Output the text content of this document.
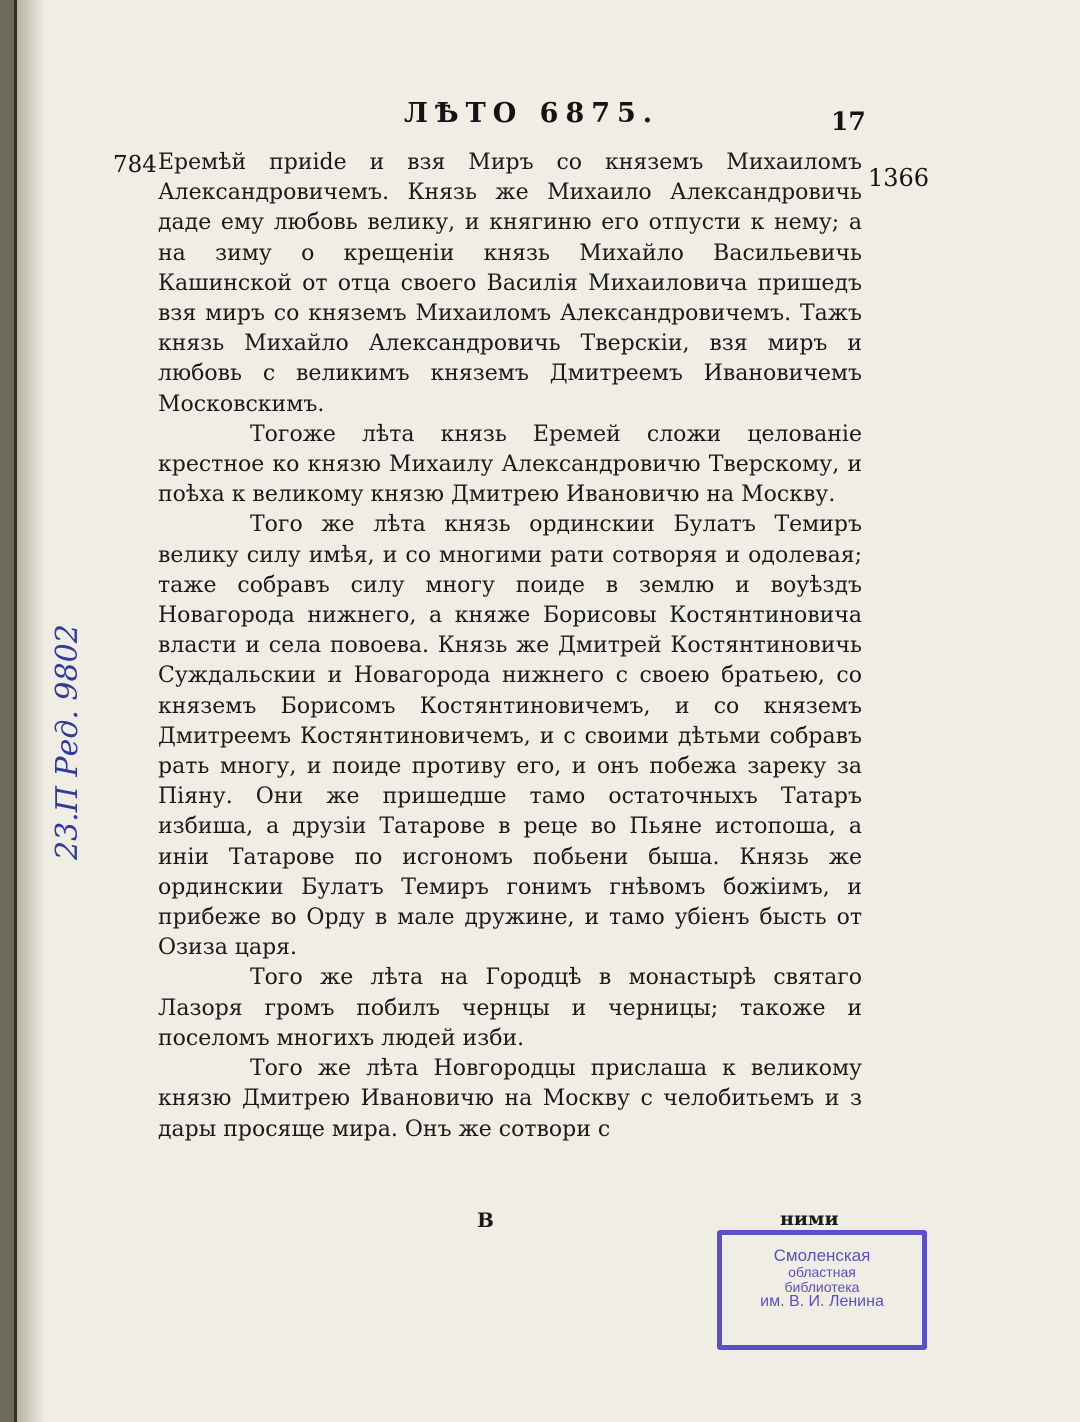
ЛѢТО 6875.	17
784	1366
23.П Ред. 9802

Еремѣй приide и взя Миръ со княземъ Михаиломъ Александровичемъ. Князь же Михаило Александровичь даде ему любовь велику, и княгиню его отпусти к нему; а на зиму о крещеніи князь Михайло Васильевичь Кашинской от отца своего Василія Михаиловича пришедъ взя миръ со княземъ Михаиломъ Александровичемъ. Тажъ князь Михайло Александровичь Тверскіи, взя миръ и любовь с великимъ княземъ Дмитреемъ Ивановичемъ Московскимъ.

Тогоже лѣта князь Еремей сложи целованіе крестное ко князю Михаилу Александровичю Тверскому, и поѣха к великому князю Дмитрею Ивановичю на Москву.

Того же лѣта князь ординскии Булатъ Темиръ велику силу имѣя, и со многими рати сотворяя и одолевая; таже собравъ силу многу поиде в землю и воуѣздъ Новагорода нижнего, а княже Борисовы Костянтиновича власти и села повоева. Князь же Дмитрей Костянтиновичь Суждальскии и Новагорода нижнего с своею братьею, со княземъ Борисомъ Костянтиновичемъ, и со княземъ Дмитреемъ Костянтиновичемъ, и с своими дѣтьми собравъ рать многу, и поиде противу его, и онъ побежа зареку за Піяну. Они же пришедше тамо остаточныхъ Татаръ избиша, а друзіи Татарове в реце во Пьяне истопоша, а иніи Татарове по исгономъ побьени быша. Князь же ординскии Булатъ Темиръ гонимъ гнѣвомъ божіимъ, и прибеже во Орду в мале дружине, и тамо убіенъ бысть от Озиза царя.

Того же лѣта на Городцѣ в монастырѣ святаго Лазоря громъ побилъ чернцы и черницы; такоже и поселомъ многихъ людей изби.

Того же лѣта Новгородцы прислаша к великому князю Дмитрею Ивановичю на Москву с челобитьемъ и з дары просяще мира. Онъ же сотвори с

В	ними
Смоленская
областная
библиотека
им. В. И. Ленина
